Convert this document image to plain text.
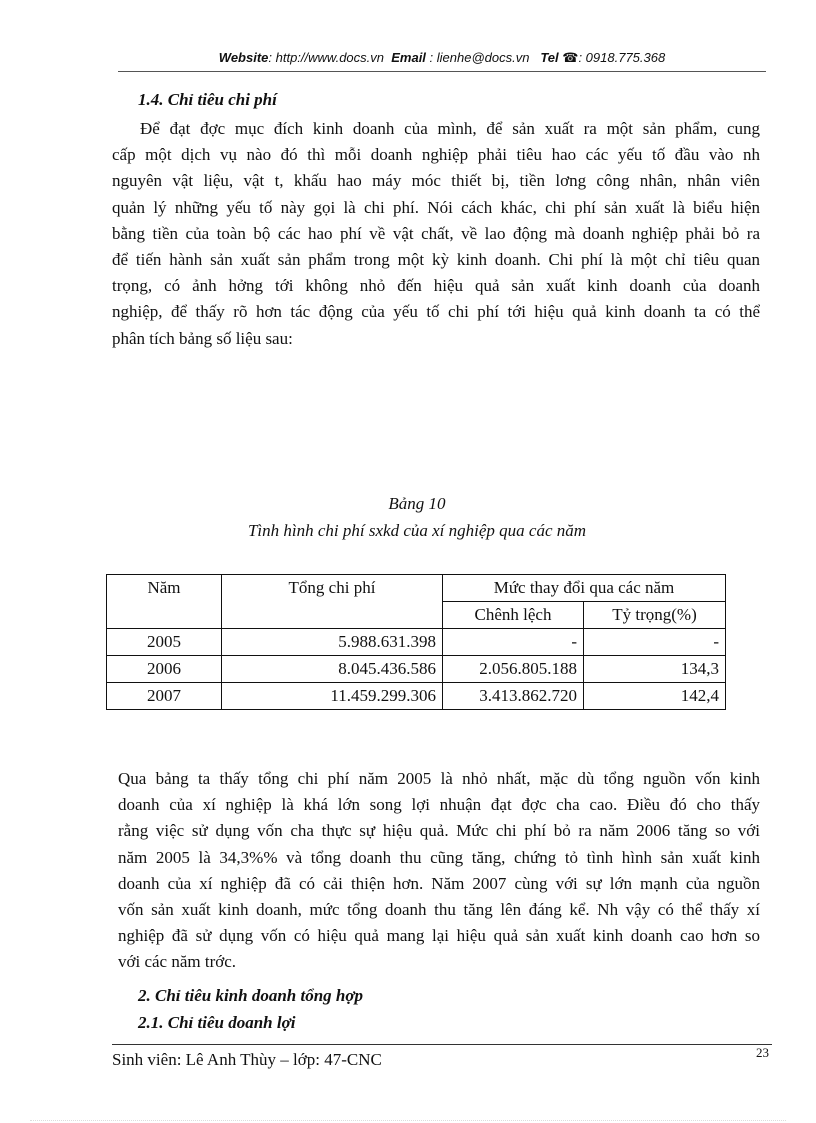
Website: http://www.docs.vn Email : lienhe@docs.vn Tel ☎: 0918.775.368
1.4. Chỉ tiêu chi phí
Để đạt đợc mục đích kinh doanh của mình, để sản xuất ra một sản phẩm, cung
cấp một dịch vụ nào đó thì mỗi doanh nghiệp phải tiêu hao các yếu tố đầu vào nh
nguyên vật liệu, vật t, khấu hao máy móc thiết bị, tiền lơng công nhân, nhân viên
quản lý những yếu tố này gọi là chi phí. Nói cách khác, chi phí sản xuất là biểu hiện
bằng tiền của toàn bộ các hao phí về vật chất, về lao động mà doanh nghiệp phải bỏ ra
để tiến hành sản xuất sản phẩm trong một kỳ kinh doanh. Chi phí là một chỉ tiêu quan
trọng, có ảnh hởng tới không nhỏ đến hiệu quả sản xuất kinh doanh của doanh
nghiệp, để thấy rõ hơn tác động của yếu tố chi phí tới hiệu quả kinh doanh ta có thể
phân tích bảng số liệu sau:
Bảng 10
Tình hình chi phí sxkd của xí nghiệp qua các năm
Năm	Tổng chi phí	Mức thay đổi qua các năm	
		Chênh lệch	Tỷ trọng(%)
2005	5.988.631.398	-	-
2006	8.045.436.586	2.056.805.188	134,3
2007	11.459.299.306	3.413.862.720	142,4
Qua bảng ta thấy tổng chi phí năm 2005 là nhỏ nhất, mặc dù tổng nguồn vốn kinh
doanh của xí nghiệp là khá lớn song lợi nhuận đạt đợc cha cao. Điều đó cho thấy
rằng việc sử dụng vốn cha thực sự hiệu quả. Mức chi phí bỏ ra năm 2006 tăng so với
năm 2005 là 34,3%% và tổng doanh thu cũng tăng, chứng tỏ tình hình sản xuất kinh
doanh của xí nghiệp đã có cải thiện hơn. Năm 2007 cùng với sự lớn mạnh của nguồn
vốn sản xuất kinh doanh, mức tổng doanh thu tăng lên đáng kể. Nh vậy có thể thấy xí
nghiệp đã sử dụng vốn có hiệu quả mang lại hiệu quả sản xuất kinh doanh cao hơn so
với các năm trớc.
2. Chỉ tiêu kinh doanh tổng hợp
2.1. Chỉ tiêu doanh lợi
23
Sinh viên: Lê Anh Thùy – lớp: 47-CNC
